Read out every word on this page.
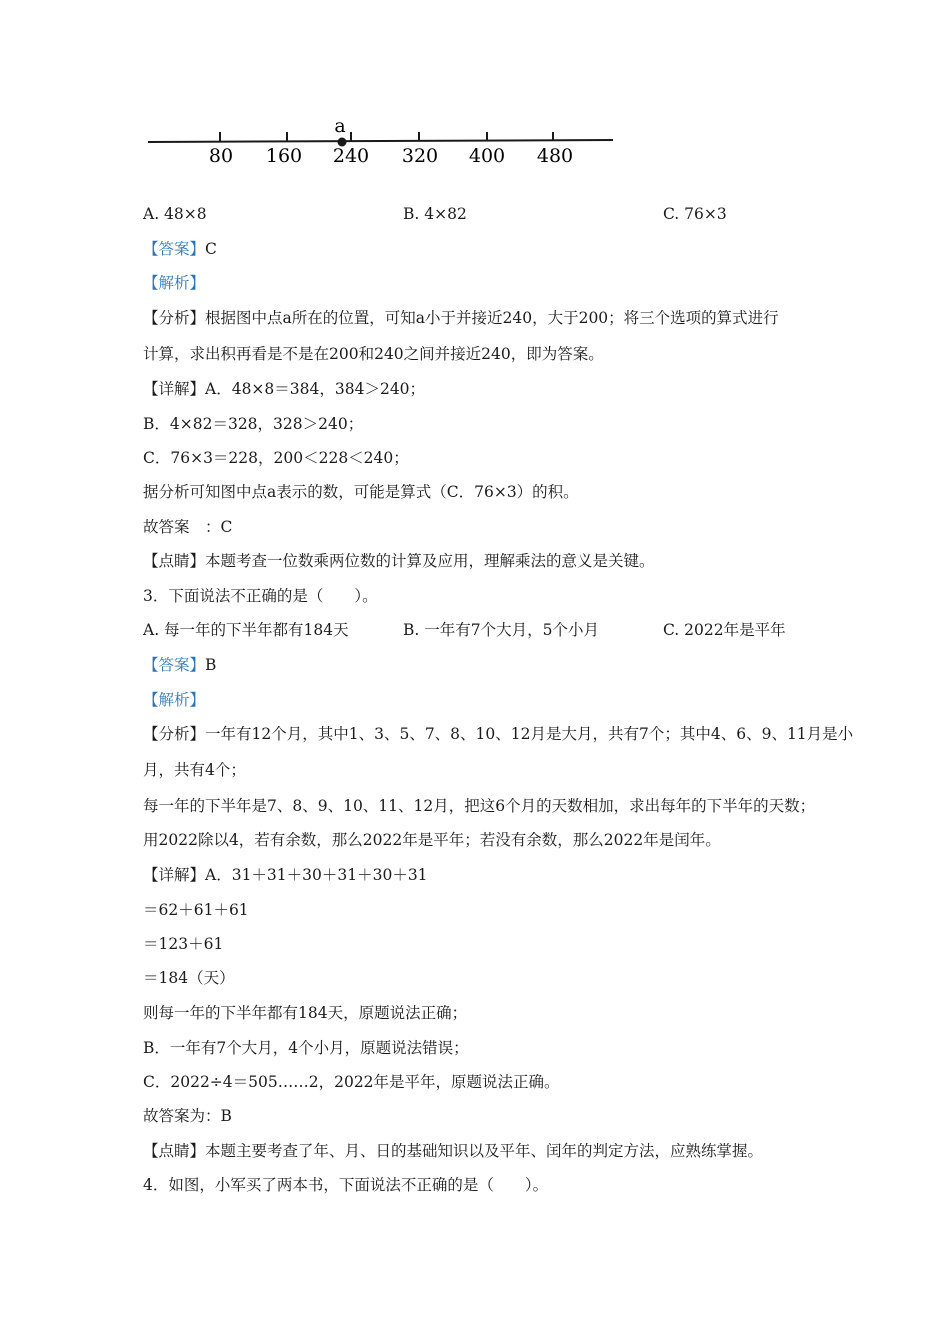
a
80 160 240 320 400 480
A. 48×8	B. 4×82	C. 76×3
【答案】C
【解析】
【分析】根据图中点a所在的位置，可知a小于并接近240，大于200；将三个选项的算式进行
计算，求出积再看是不是在200和240之间并接近240，即为答案。
【详解】A．48×8＝384，384＞240；
B．4×82＝328，328＞240；
C．76×3＝228，200＜228＜240；
据分析可知图中点a表示的数，可能是算式（C．76×3）的积。
故答案　：C
【点睛】本题考查一位数乘两位数的计算及应用，理解乘法的意义是关键。
3．下面说法不正确的是（　　）。
A. 每一年的下半年都有184天	B. 一年有7个大月，5个小月	C. 2022年是平年
【答案】B
【解析】
【分析】一年有12个月，其中1、3、5、7、8、10、12月是大月，共有7个；其中4、6、9、11月是小
月，共有4个；
每一年的下半年是7、8、9、10、11、12月，把这6个月的天数相加，求出每年的下半年的天数；
用2022除以4，若有余数，那么2022年是平年；若没有余数，那么2022年是闰年。
【详解】A．31＋31＋30＋31＋30＋31
＝62＋61＋61
＝123＋61
＝184（天）
则每一年的下半年都有184天，原题说法正确；
B．一年有7个大月，4个小月，原题说法错误；
C．2022÷4＝505……2，2022年是平年，原题说法正确。
故答案为：B
【点睛】本题主要考查了年、月、日的基础知识以及平年、闰年的判定方法，应熟练掌握。
4．如图，小军买了两本书，下面说法不正确的是（　　）。
